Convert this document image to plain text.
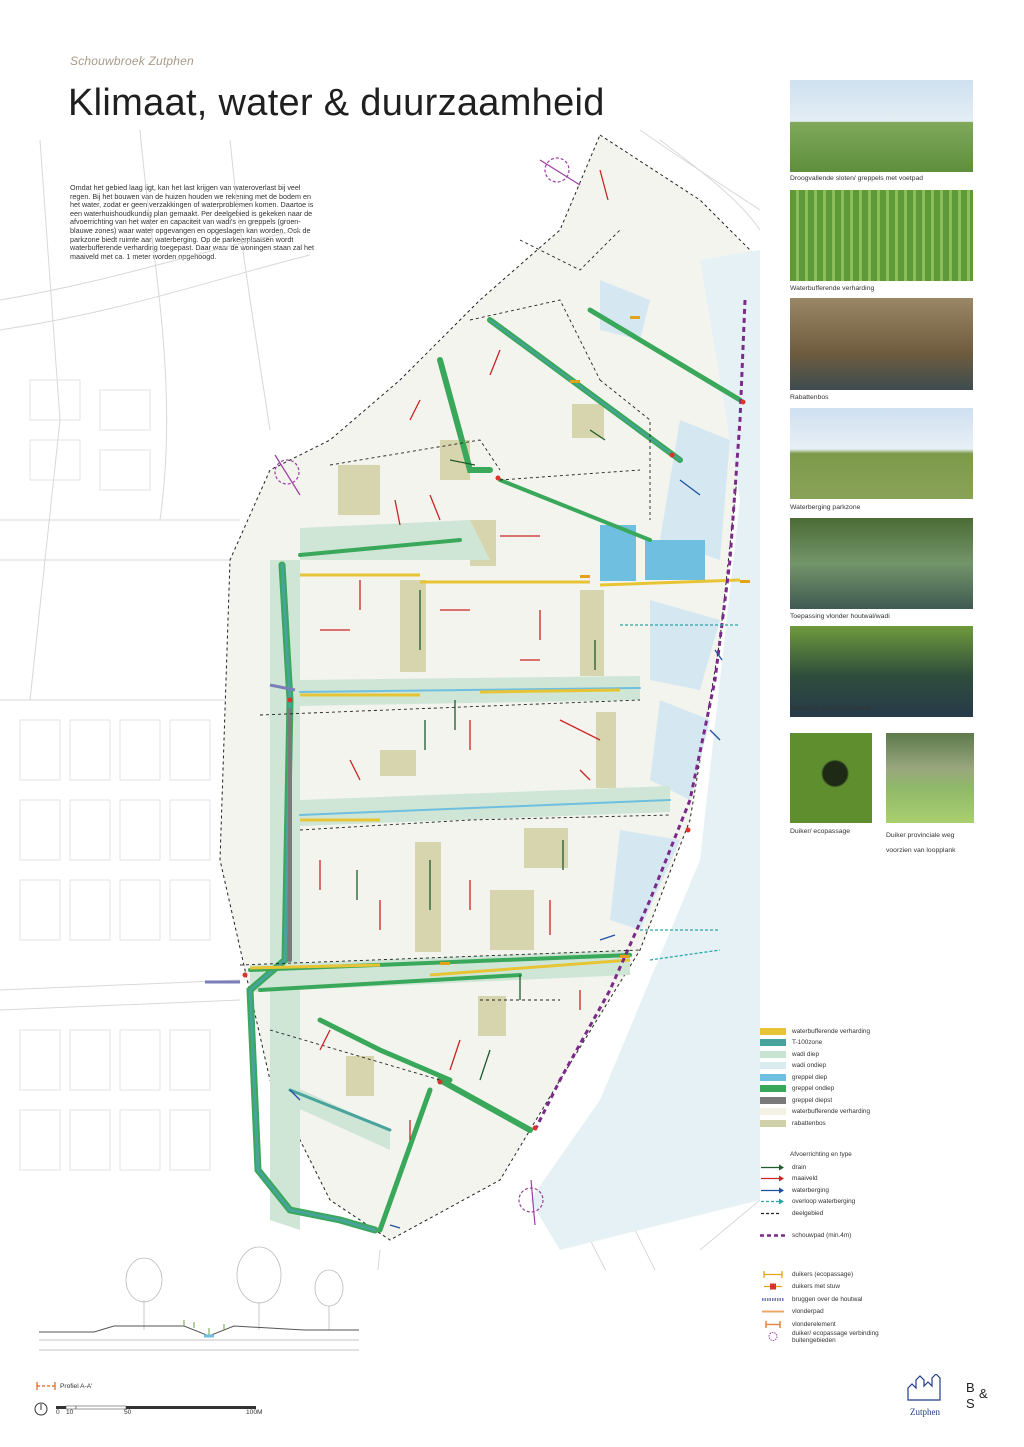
Schouwbroek Zutphen
Klimaat, water & duurzaamheid
Omdat het gebied laag ligt, kan het last krijgen van wateroverlast bij veel regen. Bij het bouwen van de huizen houden we rekening met de bodem en het water, zodat er geen verzakkingen of waterproblemen komen. Daartoe is een waterhuishoudkundig plan gemaakt. Per deelgebied is gekeken naar de afvoerrichting van het water en capaciteit van wadi's en greppels (groen-blauwe zones) waar water opgevangen en opgeslagen kan worden. Ook de parkzone biedt ruimte aan waterberging. Op de parkeerplaatsen wordt waterbufferende verharding toegepast. Daar waar de woningen staan zal het maaiveld met ca. 1 meter worden opgehoogd.
Droogvallende sloten/ greppels met voetpad
Waterbufferende verharding
Rabattenbos
Waterberging parkzone
Toepassing vlonder houtwal/wadi
Rabatten, (elzen)broekbos
Duiker/ ecopassage
Duiker provinciale weg voorzien van loopplank
waterbufferende verharding
T-100zone
wadi diep
wadi ondiep
greppel diep
greppel ondiep
greppel diepst
waterbufferende verharding
rabattenbos
Afvoerrichting en type
drain
maaiveld
waterberging
overloop waterberging
deelgebied
schouwpad (min.4m)
duikers (ecopassage)
duikers met stuw
bruggen over de houtwal
vlonderpad
vlonderelement
duiker/ ecopassage verbinding buitengebieden
Profiel A-A'
0 10	50	100M	Zutphen
B &
S
